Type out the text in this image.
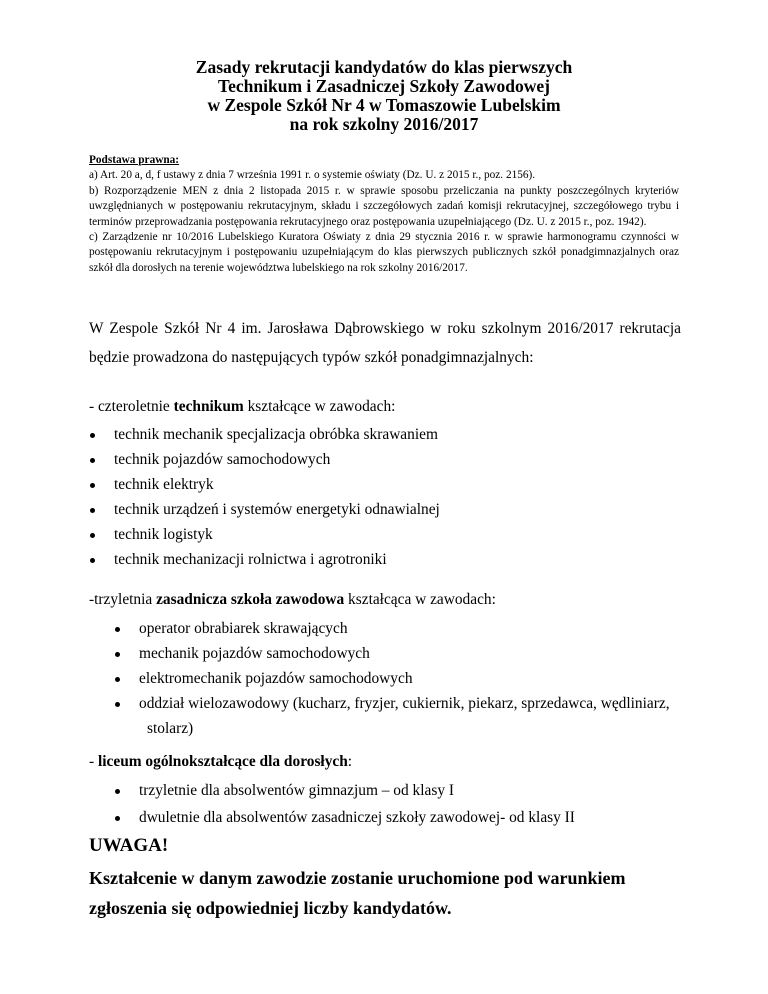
Zasady rekrutacji kandydatów do klas pierwszych
Technikum i Zasadniczej Szkoły Zawodowej
w Zespole Szkół Nr 4 w Tomaszowie Lubelskim
na rok szkolny 2016/2017
Podstawa prawna:
a) Art. 20 a, d, f ustawy z dnia 7 września 1991 r. o systemie oświaty (Dz. U. z 2015 r., poz. 2156).
b) Rozporządzenie MEN z dnia 2 listopada 2015 r. w sprawie sposobu przeliczania na punkty poszczególnych kryteriów uwzględnianych w postępowaniu rekrutacyjnym, składu i szczegółowych zadań komisji rekrutacyjnej, szczegółowego trybu i terminów przeprowadzania postępowania rekrutacyjnego oraz postępowania uzupełniającego (Dz. U. z 2015 r., poz. 1942).
c) Zarządzenie nr 10/2016 Lubelskiego Kuratora Oświaty z dnia 29 stycznia 2016 r. w sprawie harmonogramu czynności w postępowaniu rekrutacyjnym i postępowaniu uzupełniającym do klas pierwszych publicznych szkół ponadgimnazjalnych oraz szkół dla dorosłych na terenie województwa lubelskiego na rok szkolny 2016/2017.
W Zespole Szkół Nr 4 im. Jarosława Dąbrowskiego w roku szkolnym 2016/2017 rekrutacja będzie prowadzona do następujących typów szkół ponadgimnazjalnych:
- czteroletnie technikum kształcące w zawodach:
technik mechanik specjalizacja obróbka skrawaniem
technik pojazdów samochodowych
technik elektryk
technik urządzeń i systemów energetyki odnawialnej
technik logistyk
technik mechanizacji rolnictwa i agrotroniki
-trzyletnia zasadnicza szkoła zawodowa kształcąca w zawodach:
operator obrabiarek skrawających
mechanik pojazdów samochodowych
elektromechanik pojazdów samochodowych
oddział wielozawodowy (kucharz, fryzjer, cukiernik, piekarz, sprzedawca, wędliniarz,
stolarz)
- liceum ogólnokształcące dla dorosłych:
trzyletnie dla absolwentów gimnazjum – od klasy I
dwuletnie dla absolwentów zasadniczej szkoły zawodowej- od klasy II
UWAGA!
Kształcenie w danym zawodzie zostanie uruchomione pod warunkiem
zgłoszenia się odpowiedniej liczby kandydatów.
